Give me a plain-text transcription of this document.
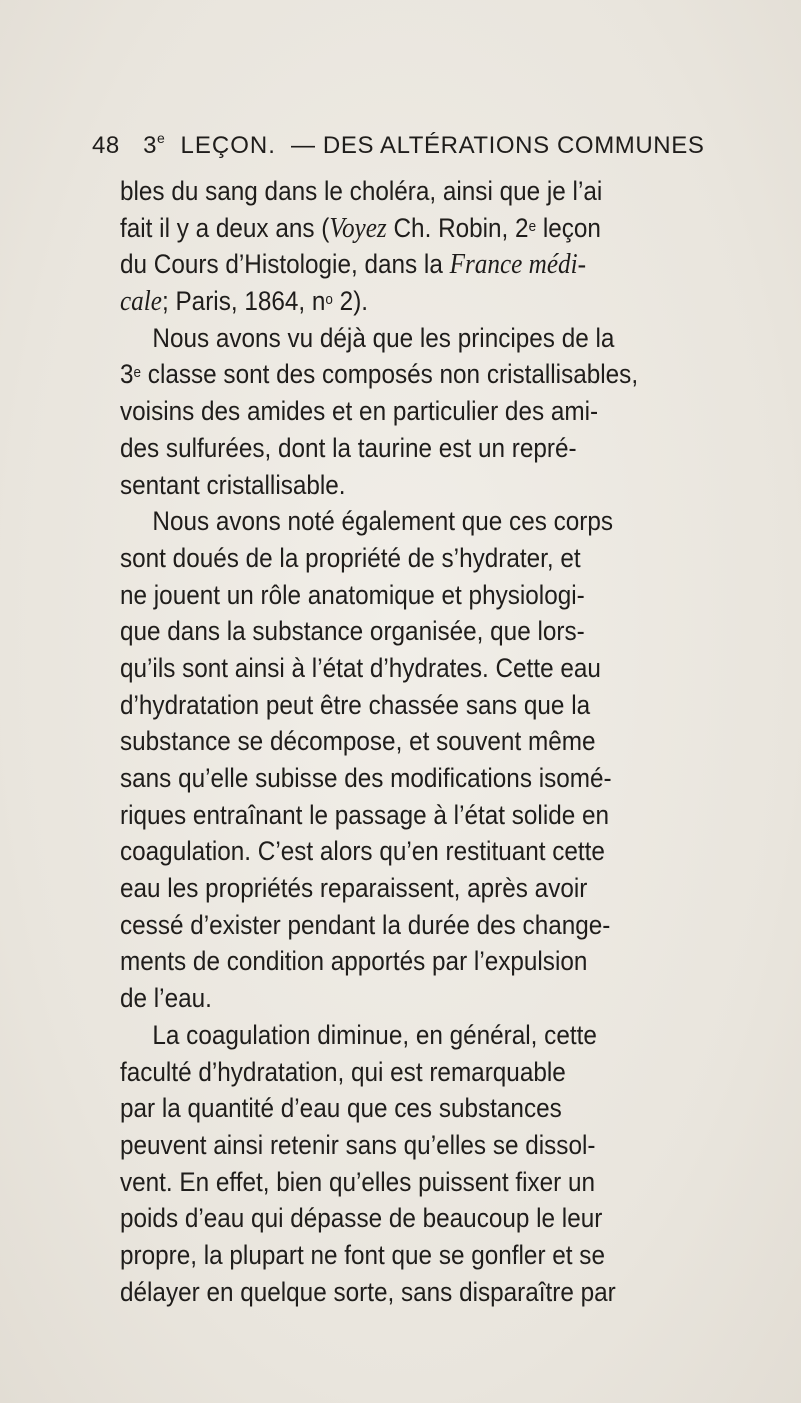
48 3e LEÇON. — DES ALTÉRATIONS COMMUNES
bles du sang dans le choléra, ainsi que je l’ai
fait il y a deux ans (Voyez Ch. Robin, 2e leçon
du Cours d’Histologie, dans la France médi-
cale; Paris, 1864, $n^o$ 2).
Nous avons vu déjà que les principes de la
3e classe sont des composés non cristallisables,
voisins des amides et en particulier des ami-
des sulfurées, dont la taurine est un repré-
sentant cristallisable.
Nous avons noté également que ces corps
sont doués de la propriété de s’hydrater, et
ne jouent un rôle anatomique et physiologi-
que dans la substance organisée, que lors-
qu’ils sont ainsi à l’état d’hydrates. Cette eau
d’hydratation peut être chassée sans que la
substance se décompose, et souvent même
sans qu’elle subisse des modifications isomé-
riques entraînant le passage à l’état solide en
coagulation. C’est alors qu’en restituant cette
eau les propriétés reparaissent, après avoir
cessé d’exister pendant la durée des change-
ments de condition apportés par l’expulsion
de l’eau.
La coagulation diminue, en général, cette
faculté d’hydratation, qui est remarquable
par la quantité d’eau que ces substances
peuvent ainsi retenir sans qu’elles se dissol-
vent. En effet, bien qu’elles puissent fixer un
poids d’eau qui dépasse de beaucoup le leur
propre, la plupart ne font que se gonfler et se
délayer en quelque sorte, sans disparaître par
